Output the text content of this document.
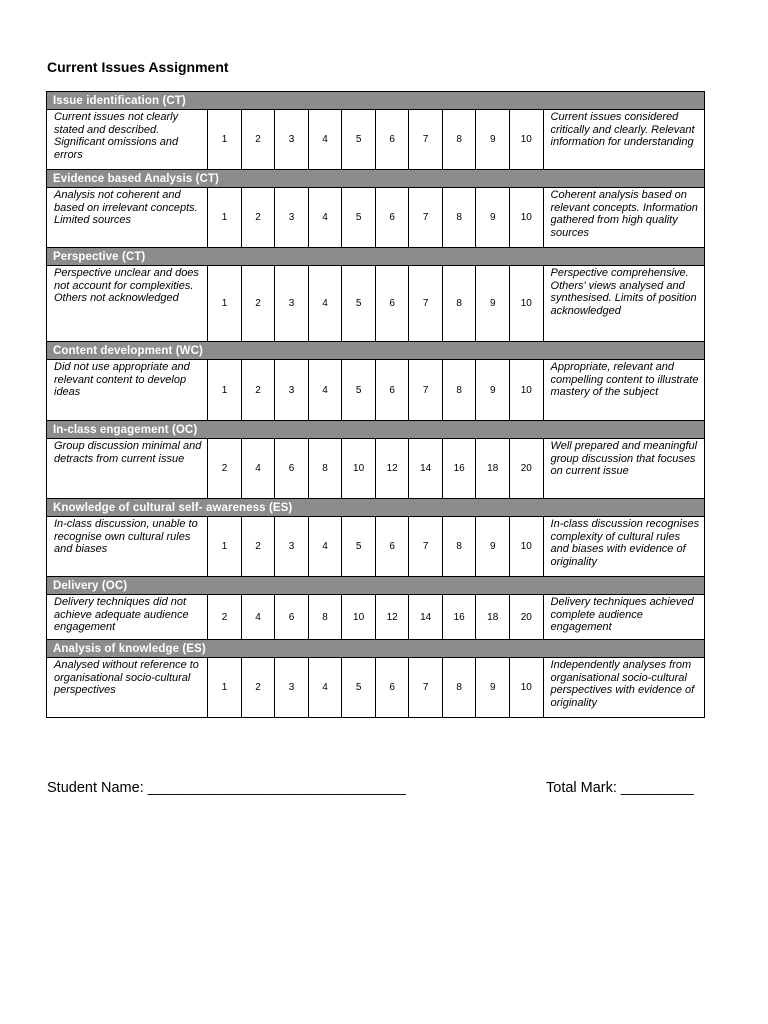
Current Issues Assignment
Issue identification (CT)											
Current issues not clearly stated and described. Significant omissions and errors	1	2	3	4	5	6	7	8	9	10	Current issues considered critically and clearly. Relevant information for understanding
Evidence based Analysis (CT)											
Analysis not coherent and based on irrelevant concepts. Limited sources	1	2	3	4	5	6	7	8	9	10	Coherent analysis based on relevant concepts. Information gathered from high quality sources
Perspective (CT)											
Perspective unclear and does not account for complexities. Others not acknowledged	1	2	3	4	5	6	7	8	9	10	Perspective comprehensive. Others' views analysed and synthesised. Limits of position acknowledged
Content development (WC)											
Did not use appropriate and relevant content to develop ideas	1	2	3	4	5	6	7	8	9	10	Appropriate, relevant and compelling content to illustrate mastery of the subject
In-class engagement (OC)											
Group discussion minimal and detracts from current issue	2	4	6	8	10	12	14	16	18	20	Well prepared and meaningful group discussion that focuses on current issue
Knowledge of cultural self- awareness (ES)											
In-class discussion, unable to recognise own cultural rules and biases	1	2	3	4	5	6	7	8	9	10	In-class discussion recognises complexity of cultural rules and biases with evidence of originality
Delivery (OC)											
Delivery techniques did not achieve adequate audience engagement	2	4	6	8	10	12	14	16	18	20	Delivery techniques achieved complete audience engagement
Analysis of knowledge (ES)											
Analysed without reference to organisational socio-cultural perspectives	1	2	3	4	5	6	7	8	9	10	Independently analyses from organisational socio-cultural perspectives with evidence of originality
Student Name: ________________________________	Total Mark: _________
